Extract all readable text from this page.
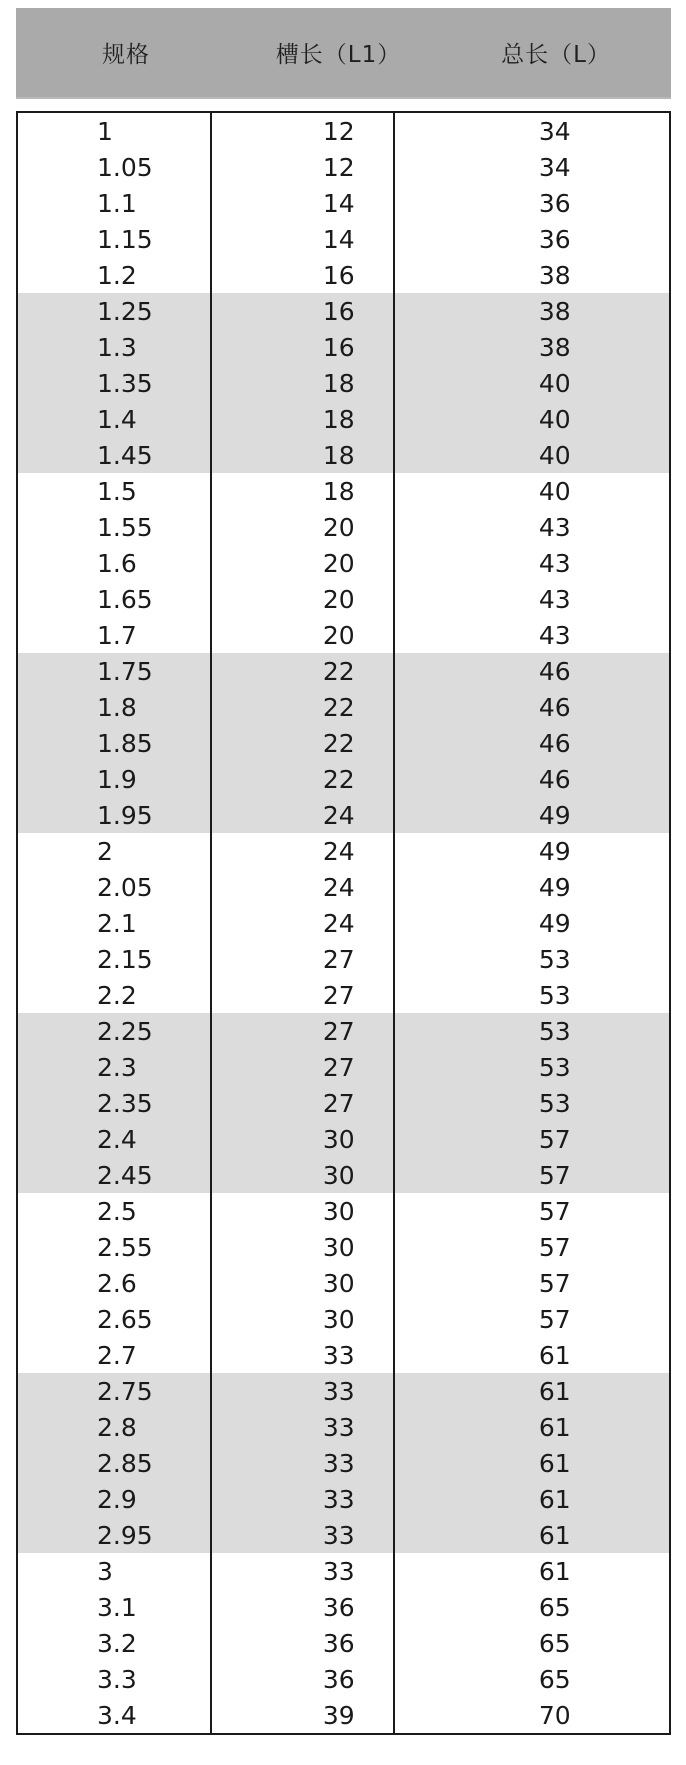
规格	槽长（L1）	总长（L）
1	12	34
1.05	12	34
1.1	14	36
1.15	14	36
1.2	16	38
1.25	16	38
1.3	16	38
1.35	18	40
1.4	18	40
1.45	18	40
1.5	18	40
1.55	20	43
1.6	20	43
1.65	20	43
1.7	20	43
1.75	22	46
1.8	22	46
1.85	22	46
1.9	22	46
1.95	24	49
2	24	49
2.05	24	49
2.1	24	49
2.15	27	53
2.2	27	53
2.25	27	53
2.3	27	53
2.35	27	53
2.4	30	57
2.45	30	57
2.5	30	57
2.55	30	57
2.6	30	57
2.65	30	57
2.7	33	61
2.75	33	61
2.8	33	61
2.85	33	61
2.9	33	61
2.95	33	61
3	33	61
3.1	36	65
3.2	36	65
3.3	36	65
3.4	39	70
